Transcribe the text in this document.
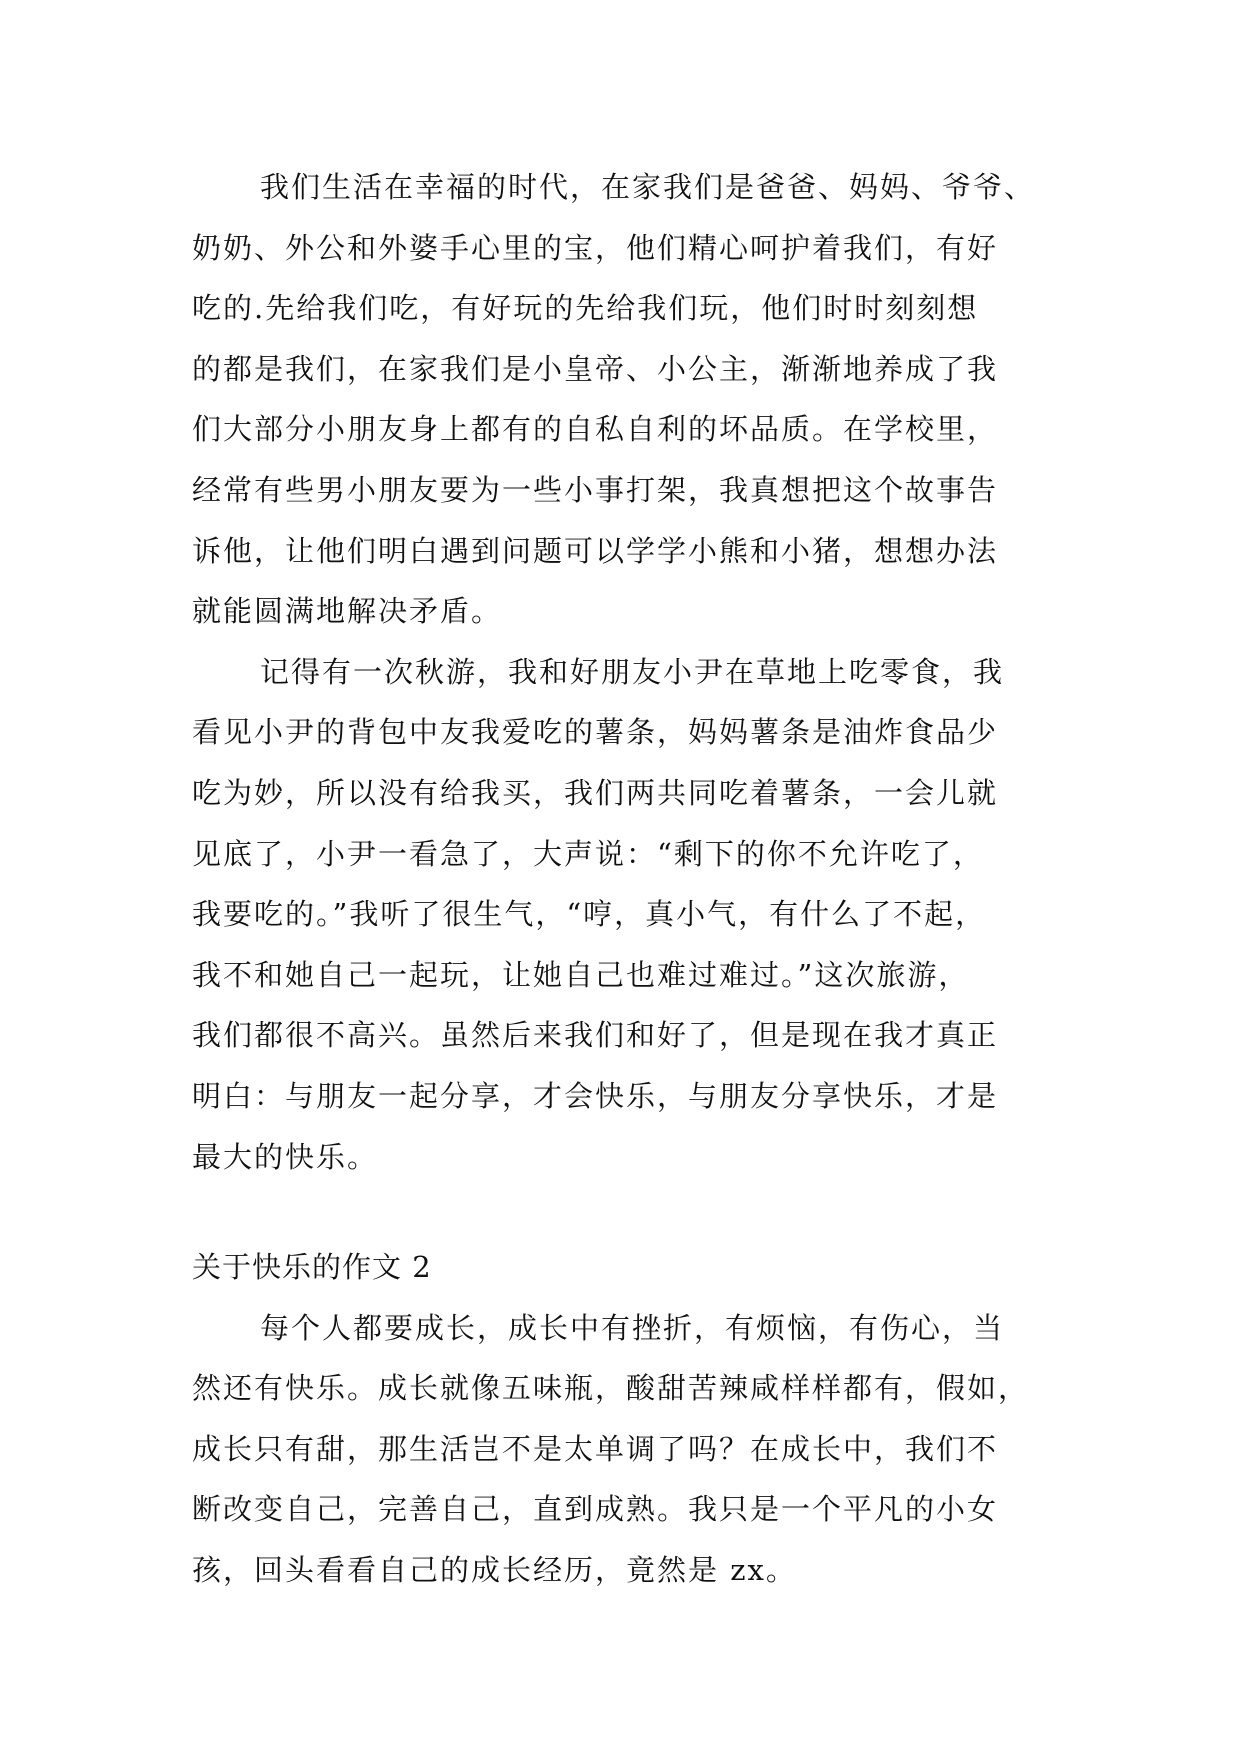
我们生活在幸福的时代，在家我们是爸爸、妈妈、爷爷、
奶奶、外公和外婆手心里的宝，他们精心呵护着我们，有好
吃的.先给我们吃，有好玩的先给我们玩，他们时时刻刻想
的都是我们，在家我们是小皇帝、小公主，渐渐地养成了我
们大部分小朋友身上都有的自私自利的坏品质。在学校里，
经常有些男小朋友要为一些小事打架，我真想把这个故事告
诉他，让他们明白遇到问题可以学学小熊和小猪，想想办法
就能圆满地解决矛盾。

记得有一次秋游，我和好朋友小尹在草地上吃零食，我
看见小尹的背包中友我爱吃的薯条，妈妈薯条是油炸食品少
吃为妙，所以没有给我买，我们两共同吃着薯条，一会儿就
见底了，小尹一看急了，大声说：“剩下的你不允许吃了，
我要吃的。”我听了很生气，“哼，真小气，有什么了不起，
我不和她自己一起玩，让她自己也难过难过。”这次旅游，
我们都很不高兴。虽然后来我们和好了，但是现在我才真正
明白：与朋友一起分享，才会快乐，与朋友分享快乐，才是
最大的快乐。

关于快乐的作文 2

每个人都要成长，成长中有挫折，有烦恼，有伤心，当
然还有快乐。成长就像五味瓶，酸甜苦辣咸样样都有，假如，
成长只有甜，那生活岂不是太单调了吗？在成长中，我们不
断改变自己，完善自己，直到成熟。我只是一个平凡的小女
孩，回头看看自己的成长经历，竟然是 zx。
